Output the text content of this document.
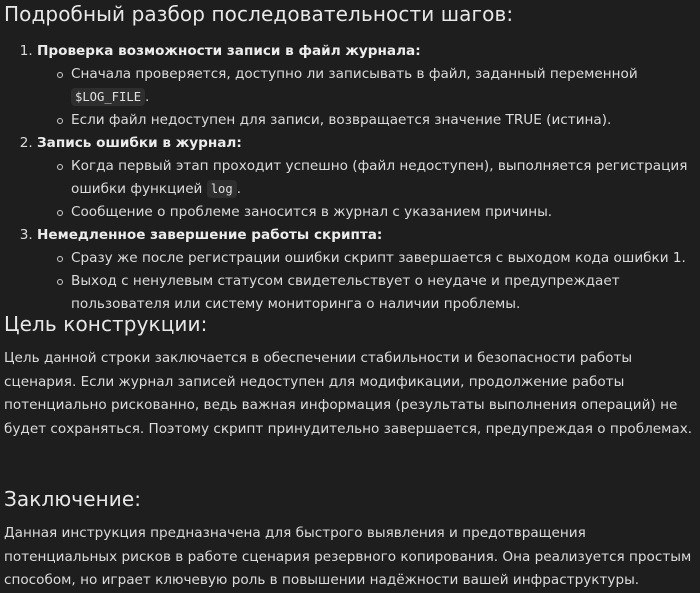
Подробный разбор последовательности шагов:
1. Проверка возможности записи в файл журнала:
Сначала проверяется, доступно ли записывать в файл, заданный переменной $LOG_FILE .
Если файл недоступен для записи, возвращается значение TRUE (истина).
2. Запись ошибки в журнал:
Когда первый этап проходит успешно (файл недоступен), выполняется регистрация ошибки функцией log .
Сообщение о проблеме заносится в журнал с указанием причины.
3. Немедленное завершение работы скрипта:
Сразу же после регистрации ошибки скрипт завершается с выходом кода ошибки 1.
Выход с ненулевым статусом свидетельствует о неудаче и предупреждает пользователя или систему мониторинга о наличии проблемы.
Цель конструкции:

Цель данной строки заключается в обеспечении стабильности и безопасности работы сценария. Если журнал записей недоступен для модификации, продолжение работы потенциально рискованно, ведь важная информация (результаты выполнения операций) не будет сохраняться. Поэтому скрипт принудительно завершается, предупреждая о проблемах.

Заключение:

Данная инструкция предназначена для быстрого выявления и предотвращения потенциальных рисков в работе сценария резервного копирования. Она реализуется простым способом, но играет ключевую роль в повышении надёжности вашей инфраструктуры.
